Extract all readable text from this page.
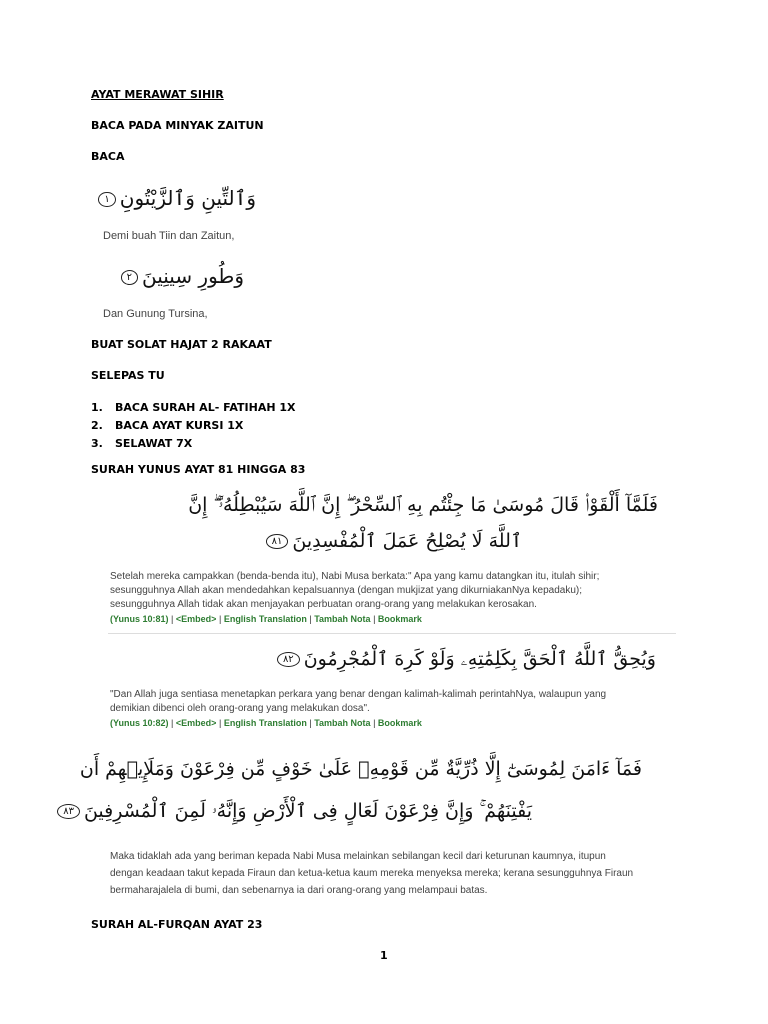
AYAT MERAWAT SIHIR

BACA PADA MINYAK ZAITUN

BACA

وَٱلتِّينِ وَٱلزَّيْتُونِ١

Demi buah Tiin dan Zaitun,

وَطُورِ سِينِينَ٢

Dan Gunung Tursina,

BUAT SOLAT HAJAT 2 RAKAAT

SELEPAS TU

1. BACA SURAH AL- FATIHAH 1X
2. BACA AYAT KURSI 1X
3. SELAWAT 7X

SURAH YUNUS AYAT 81 HINGGA 83

فَلَمَّآ أَلْقَوْا۟ قَالَ مُوسَىٰ مَا جِئْتُم بِهِ ٱلسِّحْرُ ۖ إِنَّ ٱللَّهَ سَيُبْطِلُهُۥٓ ۖ إِنَّ

ٱللَّهَ لَا يُصْلِحُ عَمَلَ ٱلْمُفْسِدِينَ٨١

Setelah mereka campakkan (benda-benda itu), Nabi Musa berkata:" Apa yang kamu datangkan itu, itulah sihir;

sesungguhnya Allah akan mendedahkan kepalsuannya (dengan mukjizat yang dikurniakanNya kepadaku);

sesungguhnya Allah tidak akan menjayakan perbuatan orang-orang yang melakukan kerosakan.

(Yunus 10:81) | <Embed> | English Translation | Tambah Nota | Bookmark

وَيُحِقُّ ٱللَّهُ ٱلْحَقَّ بِكَلِمَٰتِهِۦ وَلَوْ كَرِهَ ٱلْمُجْرِمُونَ٨٢

"Dan Allah juga sentiasa menetapkan perkara yang benar dengan kalimah-kalimah perintahNya, walaupun yang

demikian dibenci oleh orang-orang yang melakukan dosa".

(Yunus 10:82) | <Embed> | English Translation | Tambah Nota | Bookmark

فَمَآ ءَامَنَ لِمُوسَىٰٓ إِلَّا ذُرِّيَّةٌ مِّن قَوْمِهِۦ عَلَىٰ خَوْفٍ مِّن فِرْعَوْنَ وَمَلَإِي۟هِمْ أَن

يَفْتِنَهُمْ ۚ وَإِنَّ فِرْعَوْنَ لَعَالٍ فِى ٱلْأَرْضِ وَإِنَّهُۥ لَمِنَ ٱلْمُسْرِفِينَ٨٣

Maka tidaklah ada yang beriman kepada Nabi Musa melainkan sebilangan kecil dari keturunan kaumnya, itupun

dengan keadaan takut kepada Firaun dan ketua-ketua kaum mereka menyeksa mereka; kerana sesungguhnya Firaun

bermaharajalela di bumi, dan sebenarnya ia dari orang-orang yang melampaui batas.

SURAH AL-FURQAN AYAT 23

1
